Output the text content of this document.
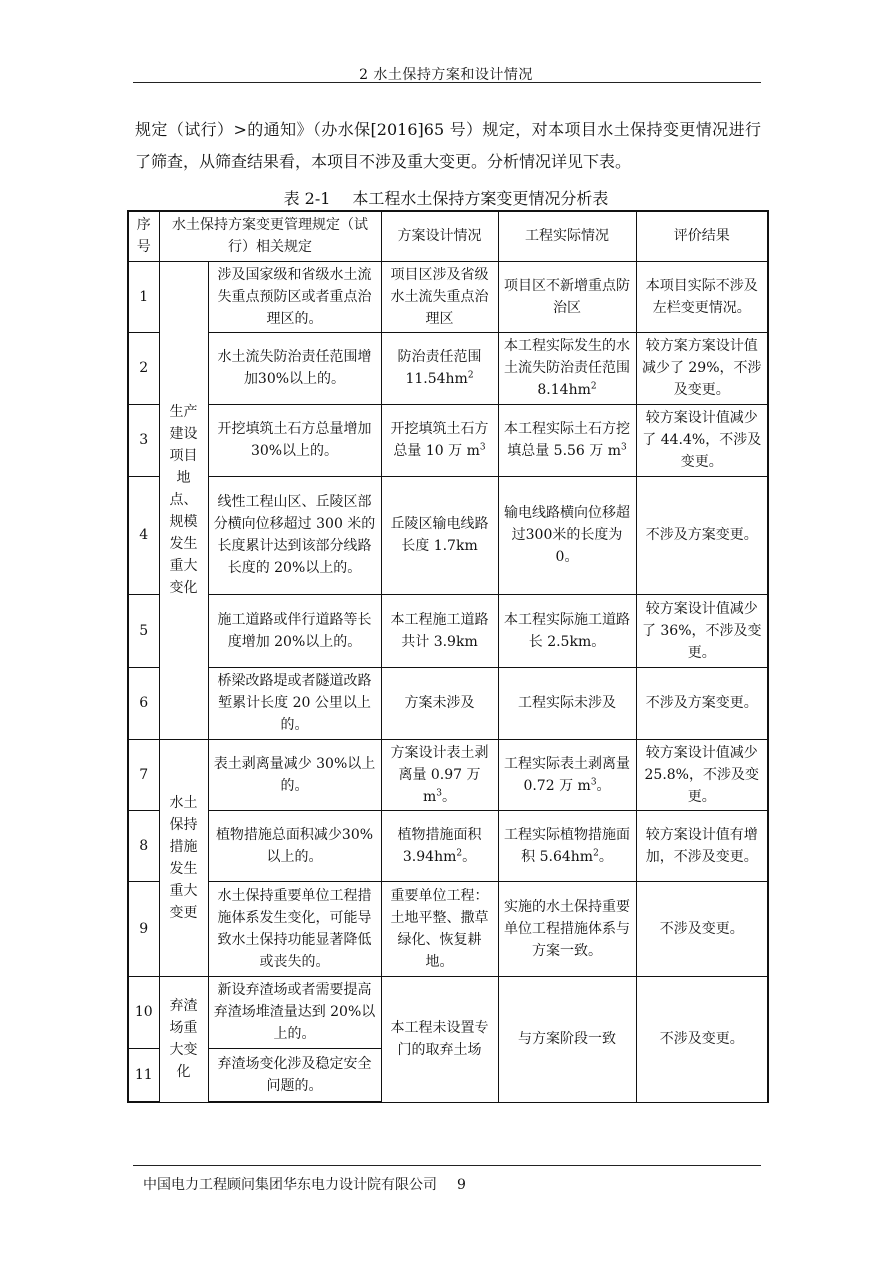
2 水土保持方案和设计情况

规定（试行）>的通知》（办水保[2016]65 号）规定，对本项目水土保持变更情况进行了筛查，从筛查结果看，本项目不涉及重大变更。分析情况详见下表。

表 2-1 本工程水土保持方案变更情况分析表
序号	水土保持方案变更管理规定（试行）相关规定		方案设计情况	工程实际情况	评价结果
1	生产建设项目地点、规模发生重大变化	涉及国家级和省级水土流失重点预防区或者重点治理区的。	项目区涉及省级水土流失重点治理区	项目区不新增重点防治区	本项目实际不涉及左栏变更情况。
2		水土流失防治责任范围增加30%以上的。	防治责任范围$11.54hm^2$	本工程实际发生的水土流失防治责任范围 $8.14hm^2$	较方案方案设计值减少了 29%，不涉及变更。
3		开挖填筑土石方总量增加 30%以上的。	开挖填筑土石方总量 10 万 $m^3$	本工程实际土石方挖填总量 5.56 万 $m^3$	较方案设计值减少了 44.4%，不涉及变更。
4		线性工程山区、丘陵区部分横向位移超过 300 米的长度累计达到该部分线路长度的 20%以上的。	丘陵区输电线路长度 1.7km	输电线路横向位移超过300米的长度为 0。	不涉及方案变更。
5		施工道路或伴行道路等长度增加 20%以上的。	本工程施工道路共计 3.9km	本工程实际施工道路长 2.5km。	较方案设计值减少了 36%，不涉及变更。
6		桥梁改路堤或者隧道改路堑累计长度 20 公里以上的。	方案未涉及	工程实际未涉及	不涉及方案变更。
7	水土保持措施发生重大变更	表土剥离量减少 30%以上的。	方案设计表土剥离量 0.97 万 $m^3$。	工程实际表土剥离量 0.72 万 $m^3$。	较方案设计值减少 25.8%，不涉及变更。
8		植物措施总面积减少30%以上的。	植物措施面积$3.94hm^2$。	工程实际植物措施面积 $5.64hm^2$。	较方案设计值有增加，不涉及变更。
9		水土保持重要单位工程措施体系发生变化，可能导致水土保持功能显著降低或丧失的。	重要单位工程：土地平整、撒草绿化、恢复耕地。	实施的水土保持重要单位工程措施体系与方案一致。	不涉及变更。
10	弃渣场重大变化	新设弃渣场或者需要提高弃渣场堆渣量达到 20%以上的。	本工程未设置专门的取弃土场	与方案阶段一致	不涉及变更。
11		弃渣场变化涉及稳定安全问题的。			
中国电力工程顾问集团华东电力设计院有限公司 9
